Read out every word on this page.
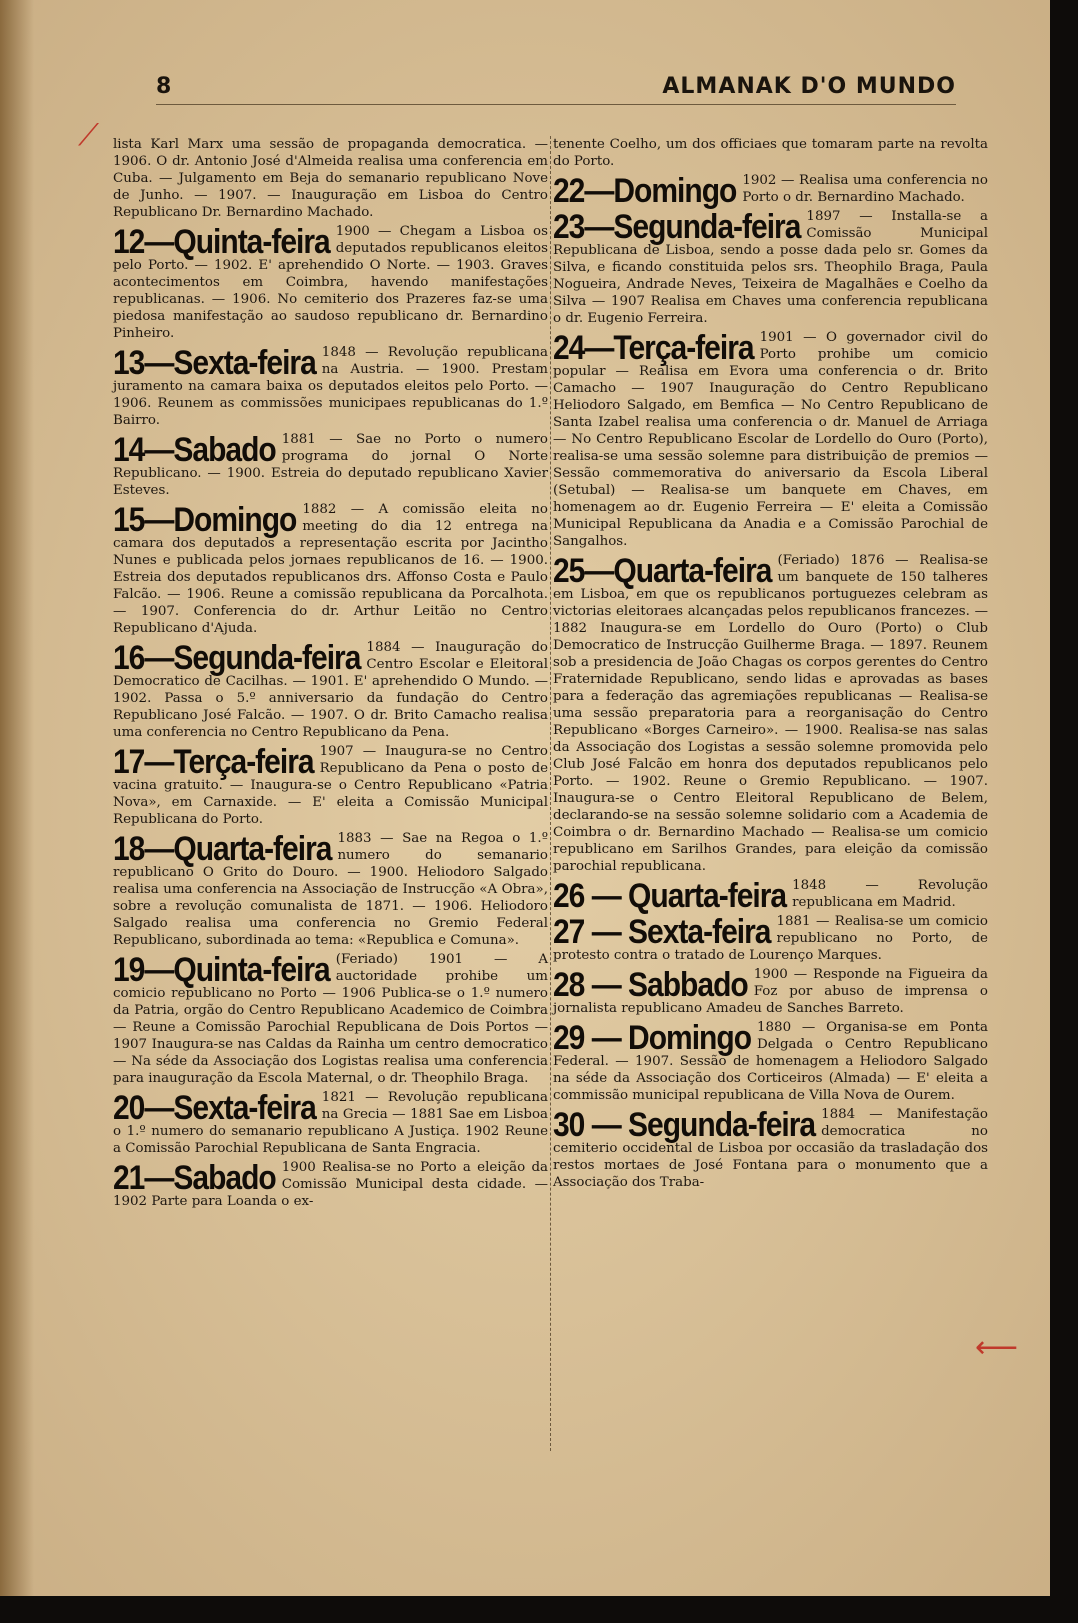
8	ALMANAK D'O MUNDO
⟋
⟵

lista Karl Marx uma sessão de propaganda democratica. — 1906. O dr. Antonio José d'Almeida realisa uma conferencia em Cuba. — Julgamento em Beja do semanario republicano Nove de Junho. — 1907. — Inauguração em Lisboa do Centro Republicano Dr. Bernardino Machado.

12—Quinta-feira 1900 — Chegam a Lisboa os deputados republicanos eleitos pelo Porto. — 1902. E' aprehendido O Norte. — 1903. Graves acontecimentos em Coimbra, havendo manifestações republicanas. — 1906. No cemiterio dos Prazeres faz-se uma piedosa manifestação ao saudoso republicano dr. Bernardino Pinheiro.
13—Sexta-feira 1848 — Revolução republicana na Austria. — 1900. Prestam juramento na camara baixa os deputados eleitos pelo Porto. — 1906. Reunem as commissões municipaes republicanas do 1.º Bairro.
14—Sabado 1881 — Sae no Porto o numero programa do jornal O Norte Republicano. — 1900. Estreia do deputado republicano Xavier Esteves.
15—Domingo 1882 — A comissão eleita no meeting do dia 12 entrega na camara dos deputados a representação escrita por Jacintho Nunes e publicada pelos jornaes republicanos de 16. — 1900. Estreia dos deputados republicanos drs. Affonso Costa e Paulo Falcão. — 1906. Reune a comissão republicana da Porcalhota. — 1907. Conferencia do dr. Arthur Leitão no Centro Republicano d'Ajuda.
16—Segunda-feira 1884 — Inauguração do Centro Escolar e Eleitoral Democratico de Cacilhas. — 1901. E' aprehendido O Mundo. — 1902. Passa o 5.º anniversario da fundação do Centro Republicano José Falcão. — 1907. O dr. Brito Camacho realisa uma conferencia no Centro Republicano da Pena.
17—Terça-feira 1907 — Inaugura-se no Centro Republicano da Pena o posto de vacina gratuito. — Inaugura-se o Centro Republicano «Patria Nova», em Carnaxide. — E' eleita a Comissão Municipal Republicana do Porto.
18—Quarta-feira 1883 — Sae na Regoa o 1.º numero do semanario republicano O Grito do Douro. — 1900. Heliodoro Salgado realisa uma conferencia na Associação de Instrucção «A Obra», sobre a revolução comunalista de 1871. — 1906. Heliodoro Salgado realisa uma conferencia no Gremio Federal Republicano, subordinada ao tema: «Republica e Comuna».
19—Quinta-feira (Feriado) 1901 — A auctoridade prohibe um comicio republicano no Porto — 1906 Publica-se o 1.º numero da Patria, orgão do Centro Republicano Academico de Coimbra — Reune a Comissão Parochial Republicana de Dois Portos — 1907 Inaugura-se nas Caldas da Rainha um centro democratico — Na séde da Associação dos Logistas realisa uma conferencia para inauguração da Escola Maternal, o dr. Theophilo Braga.
20—Sexta-feira 1821 — Revolução republicana na Grecia — 1881 Sae em Lisboa o 1.º numero do semanario republicano A Justiça. 1902 Reune a Comissão Parochial Republicana de Santa Engracia.
21—Sabado 1900 Realisa-se no Porto a eleição da Comissão Municipal desta cidade. — 1902 Parte para Loanda o ex-

tenente Coelho, um dos officiaes que tomaram parte na revolta do Porto.

22—Domingo 1902 — Realisa uma conferencia no Porto o dr. Bernardino Machado.
23—Segunda-feira 1897 — Installa-se a Comissão Municipal Republicana de Lisboa, sendo a posse dada pelo sr. Gomes da Silva, e ficando constituida pelos srs. Theophilo Braga, Paula Nogueira, Andrade Neves, Teixeira de Magalhães e Coelho da Silva — 1907 Realisa em Chaves uma conferencia republicana o dr. Eugenio Ferreira.
24—Terça-feira 1901 — O governador civil do Porto prohibe um comicio popular — Realisa em Evora uma conferencia o dr. Brito Camacho — 1907 Inauguração do Centro Republicano Heliodoro Salgado, em Bemfica — No Centro Republicano de Santa Izabel realisa uma conferencia o dr. Manuel de Arriaga — No Centro Republicano Escolar de Lordello do Ouro (Porto), realisa-se uma sessão solemne para distribuição de premios — Sessão commemorativa do aniversario da Escola Liberal (Setubal) — Realisa-se um banquete em Chaves, em homenagem ao dr. Eugenio Ferreira — E' eleita a Comissão Municipal Republicana da Anadia e a Comissão Parochial de Sangalhos.
25—Quarta-feira (Feriado) 1876 — Realisa-se um banquete de 150 talheres em Lisboa, em que os republicanos portuguezes celebram as victorias eleitoraes alcançadas pelos republicanos francezes. — 1882 Inaugura-se em Lordello do Ouro (Porto) o Club Democratico de Instrucção Guilherme Braga. — 1897. Reunem sob a presidencia de João Chagas os corpos gerentes do Centro Fraternidade Republicano, sendo lidas e aprovadas as bases para a federação das agremiações republicanas — Realisa-se uma sessão preparatoria para a reorganisação do Centro Republicano «Borges Carneiro». — 1900. Realisa-se nas salas da Associação dos Logistas a sessão solemne promovida pelo Club José Falcão em honra dos deputados republicanos pelo Porto. — 1902. Reune o Gremio Republicano. — 1907. Inaugura-se o Centro Eleitoral Republicano de Belem, declarando-se na sessão solemne solidario com a Academia de Coimbra o dr. Bernardino Machado — Realisa-se um comicio republicano em Sarilhos Grandes, para eleição da comissão parochial republicana.
26 — Quarta-feira 1848 — Revolução republicana em Madrid.
27 — Sexta-feira 1881 — Realisa-se um comicio republicano no Porto, de protesto contra o tratado de Lourenço Marques.
28 — Sabbado 1900 — Responde na Figueira da Foz por abuso de imprensa o jornalista republicano Amadeu de Sanches Barreto.
29 — Domingo 1880 — Organisa-se em Ponta Delgada o Centro Republicano Federal. — 1907. Sessão de homenagem a Heliodoro Salgado na séde da Associação dos Corticeiros (Almada) — E' eleita a commissão municipal republicana de Villa Nova de Ourem.
30 — Segunda-feira 1884 — Manifestação democratica no cemiterio occidental de Lisboa por occasião da trasladação dos restos mortaes de José Fontana para o monumento que a Associação dos Traba-
